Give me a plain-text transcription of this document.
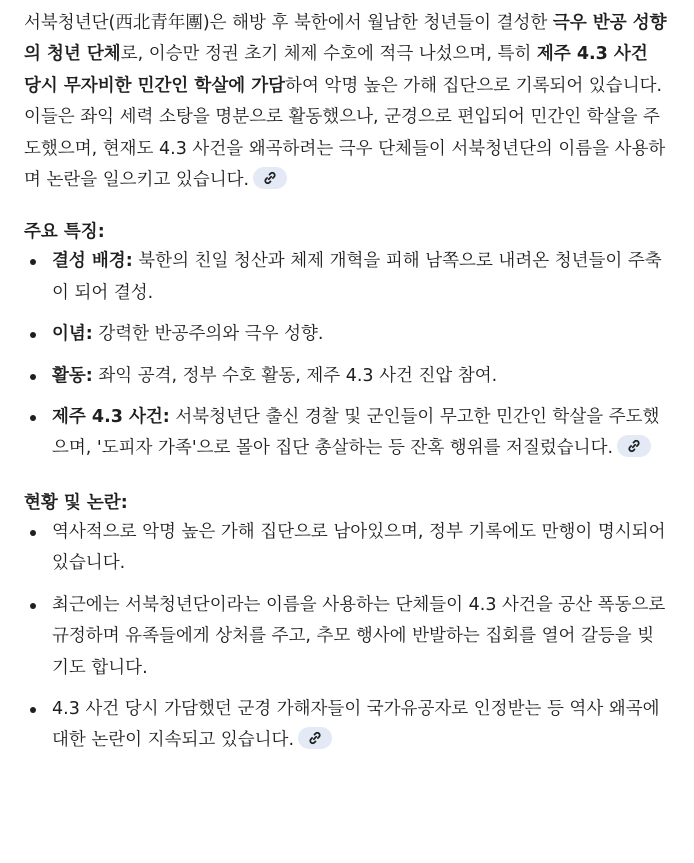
서북청년단(西北青年團)은 해방 후 북한에서 월남한 청년들이 결성한 극우 반공 성향의 청년 단체로, 이승만 정권 초기 체제 수호에 적극 나섰으며, 특히 제주 4.3 사건 당시 무자비한 민간인 학살에 가담하여 악명 높은 가해 집단으로 기록되어 있습니다. 이들은 좌익 세력 소탕을 명분으로 활동했으나, 군경으로 편입되어 민간인 학살을 주도했으며, 현재도 4.3 사건을 왜곡하려는 극우 단체들이 서북청년단의 이름을 사용하며 논란을 일으키고 있습니다.

주요 특징:
결성 배경: 북한의 친일 청산과 체제 개혁을 피해 남쪽으로 내려온 청년들이 주축이 되어 결성.
이념: 강력한 반공주의와 극우 성향.
활동: 좌익 공격, 정부 수호 활동, 제주 4.3 사건 진압 참여.
제주 4.3 사건: 서북청년단 출신 경찰 및 군인들이 무고한 민간인 학살을 주도했으며, '도피자 가족'으로 몰아 집단 총살하는 등 잔혹 행위를 저질렀습니다.
현황 및 논란:
역사적으로 악명 높은 가해 집단으로 남아있으며, 정부 기록에도 만행이 명시되어 있습니다.
최근에는 서북청년단이라는 이름을 사용하는 단체들이 4.3 사건을 공산 폭동으로 규정하며 유족들에게 상처를 주고, 추모 행사에 반발하는 집회를 열어 갈등을 빚기도 합니다.
4.3 사건 당시 가담했던 군경 가해자들이 국가유공자로 인정받는 등 역사 왜곡에 대한 논란이 지속되고 있습니다.
